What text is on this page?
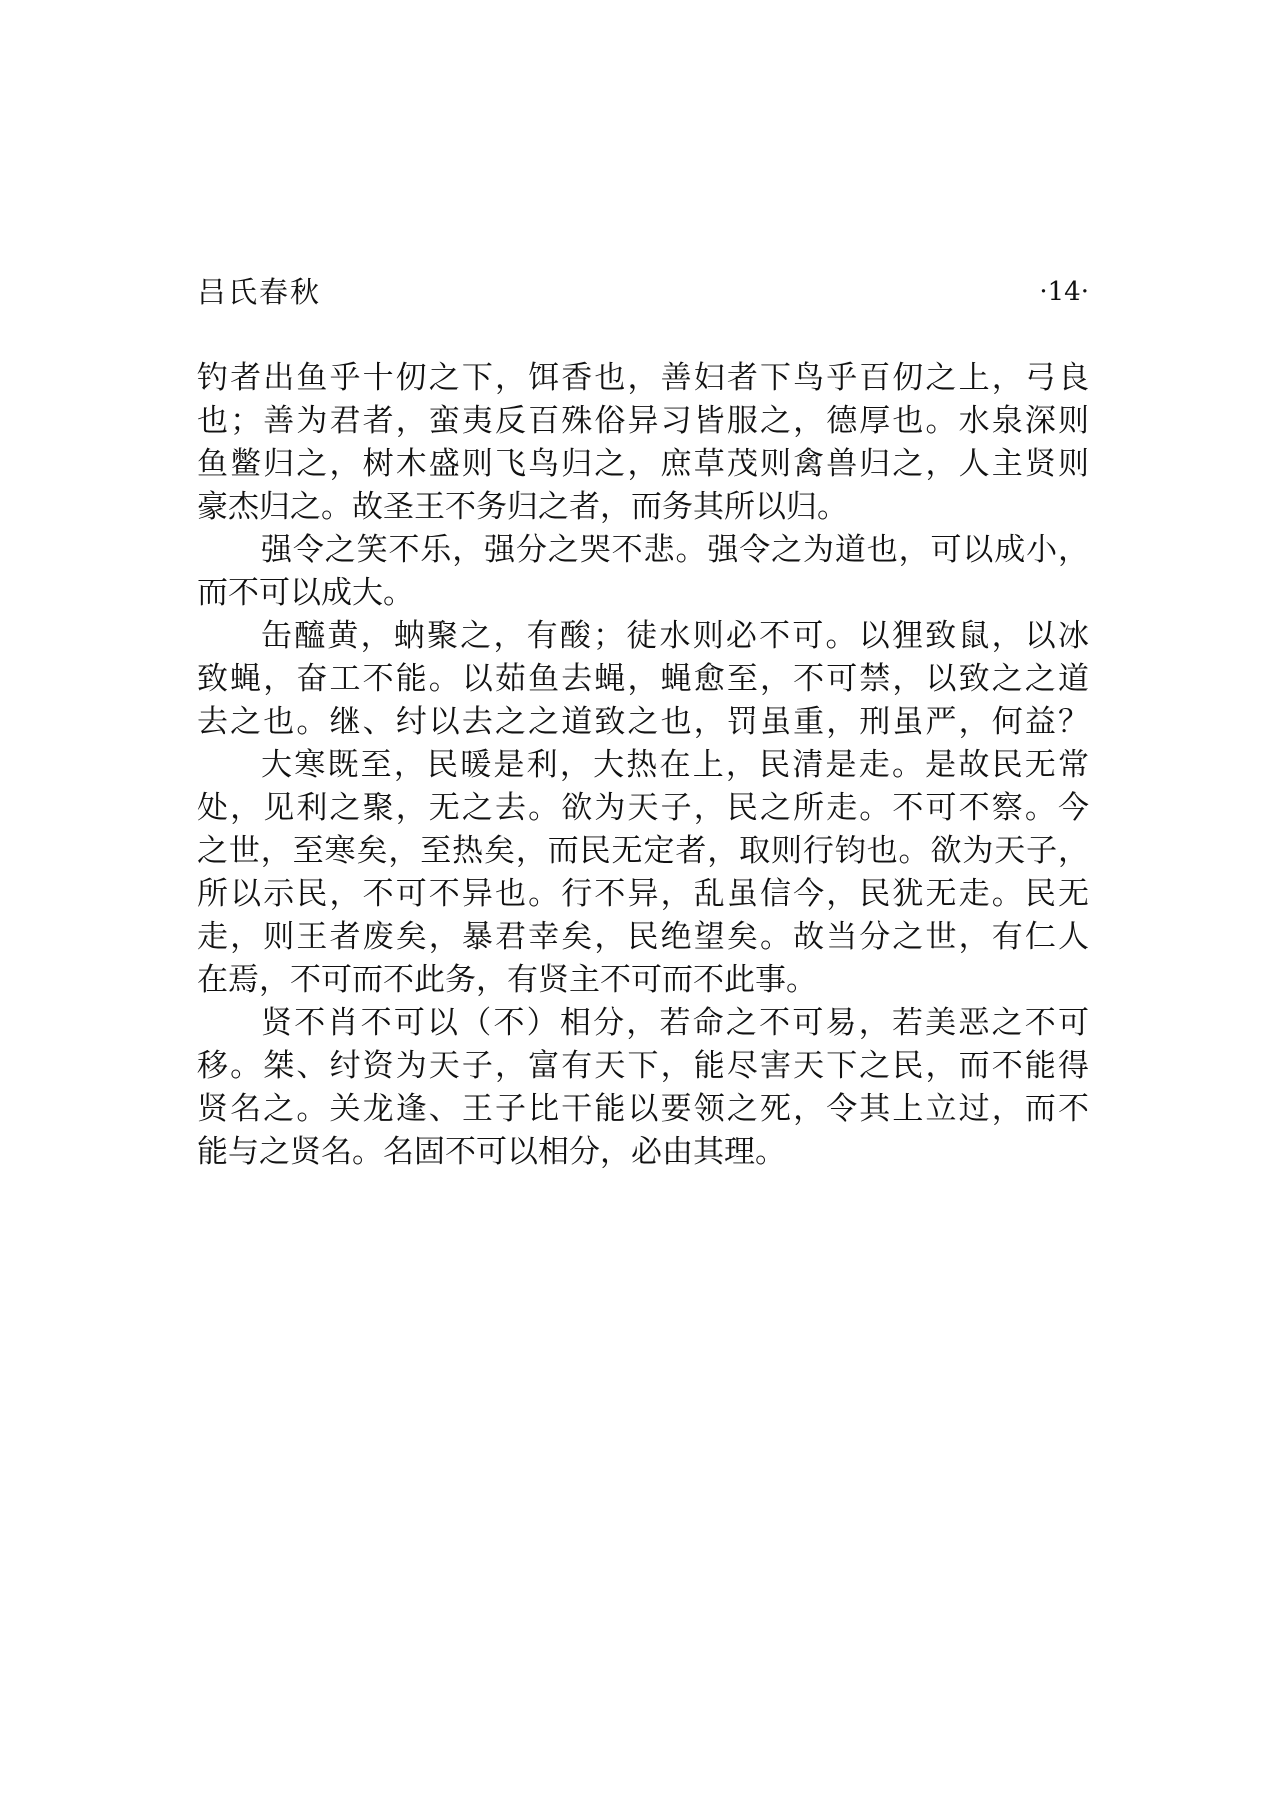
吕氏春秋	·14·
钓者出鱼乎十仞之下，饵香也，善妇者下鸟乎百仞之上，弓良
也；善为君者，蛮夷反百殊俗异习皆服之，德厚也。水泉深则
鱼鳖归之，树木盛则飞鸟归之，庶草茂则禽兽归之，人主贤则
豪杰归之。故圣王不务归之者，而务其所以归。
强令之笑不乐，强分之哭不悲。强令之为道也，可以成小，
而不可以成大。
缶醯黄，蚋聚之，有酸；徒水则必不可。以狸致鼠，以冰
致蝇，奋工不能。以茹鱼去蝇，蝇愈至，不可禁，以致之之道
去之也。继、纣以去之之道致之也，罚虽重，刑虽严，何益？
大寒既至，民暖是利，大热在上，民清是走。是故民无常
处，见利之聚，无之去。欲为天子，民之所走。不可不察。今
之世，至寒矣，至热矣，而民无定者，取则行钧也。欲为天子，
所以示民，不可不异也。行不异，乱虽信今，民犹无走。民无
走，则王者废矣，暴君幸矣，民绝望矣。故当分之世，有仁人
在焉，不可而不此务，有贤主不可而不此事。
贤不肖不可以（不）相分，若命之不可易，若美恶之不可
移。桀、纣资为天子，富有天下，能尽害天下之民，而不能得
贤名之。关龙逢、王子比干能以要领之死，令其上立过，而不
能与之贤名。名固不可以相分，必由其理。
